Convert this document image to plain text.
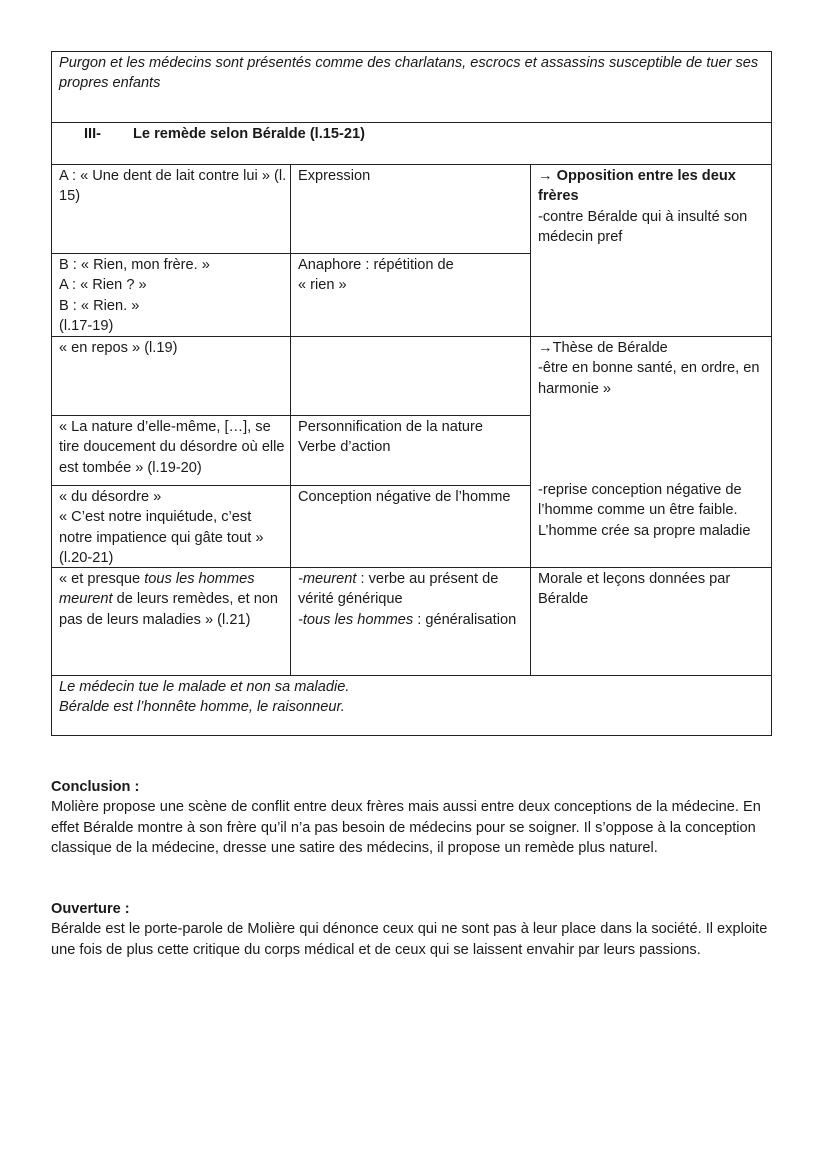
Purgon et les médecins sont présentés comme des charlatans, escrocs et assassins susceptible de tuer ses propres enfants
III- Le remède selon Béralde (l.15-21)
A : « Une dent de lait contre lui » (l. 15)
Expression
B : « Rien, mon frère. »
A : « Rien ? »
B : « Rien. »
(l.17-19)
Anaphore : répétition de
« rien »
« en repos » (l.19)
« La nature d’elle-même, […], se tire doucement du désordre où elle est tombée » (l.19-20)
Personnification de la nature
Verbe d’action
« du désordre »
« C’est notre inquiétude, c’est notre impatience qui gâte tout » (l.20-21)
Conception négative de l’homme
« et presque tous les hommes meurent de leurs remèdes, et non pas de leurs maladies » (l.21)
-meurent : verbe au présent de vérité générique
-tous les hommes : généralisation
→ Opposition entre les deux frères
-contre Béralde qui à insulté son médecin pref
→Thèse de Béralde
-être en bonne santé, en ordre, en harmonie »
-reprise conception négative de l’homme comme un être faible. L’homme crée sa propre maladie
Morale et leçons données par Béralde
Le médecin tue le malade et non sa maladie.
Béralde est l’honnête homme, le raisonneur.
Conclusion :

Molière propose une scène de conflit entre deux frères mais aussi entre deux conceptions de la médecine. En effet Béralde montre à son frère qu’il n’a pas besoin de médecins pour se soigner. Il s’oppose à la conception classique de la médecine, dresse une satire des médecins, il propose un remède plus naturel.

Ouverture :

Béralde est le porte-parole de Molière qui dénonce ceux qui ne sont pas à leur place dans la société. Il exploite une fois de plus cette critique du corps médical et de ceux qui se laissent envahir par leurs passions.
